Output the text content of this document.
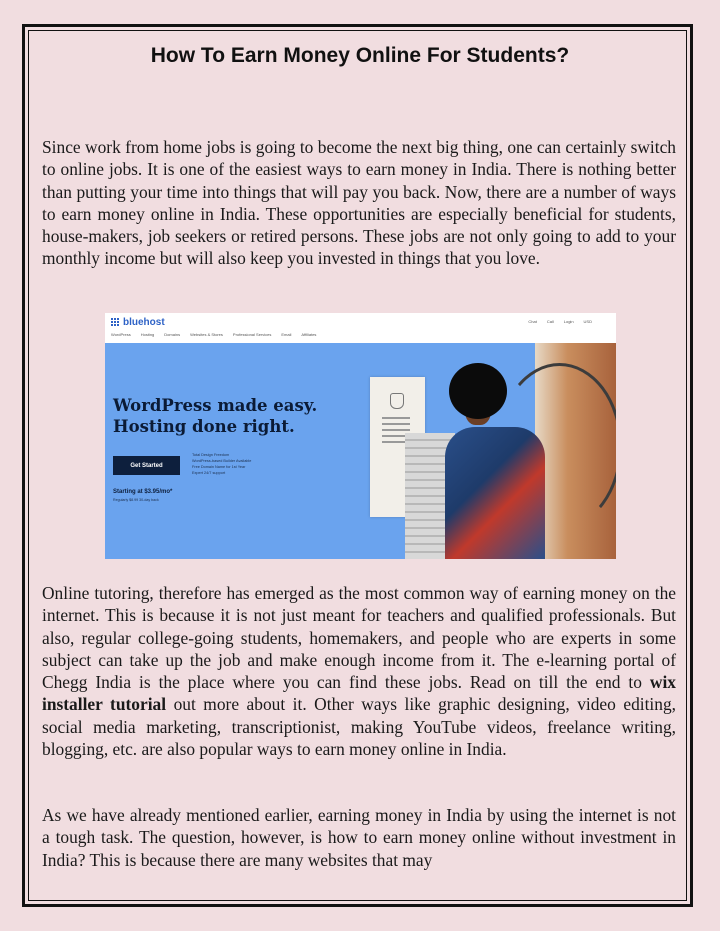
How To Earn Money Online For Students?

Since work from home jobs is going to become the next big thing, one can certainly switch to online jobs. It is one of the easiest ways to earn money in India. There is nothing better than putting your time into things that will pay you back. Now, there are a number of ways to earn money online in India. These opportunities are especially beneficial for students, house-makers, job seekers or retired persons. These jobs are not only going to add to your monthly income but will also keep you invested in things that you love.

bluehost
WordPress	Hosting	Domains	Websites & Stores	Professional Services	Email	Affiliates
Chat	Call	Login	USD
WordPress made easy.
Hosting done right.
Get Started
Total Design Freedom
WordPress-based Builder Available
Free Domain Name for 1st Year
Expert 24/7 support
Starting at $3.95/mo*
Regularly $8.99 30-day back

Online tutoring, therefore has emerged as the most common way of earning money on the internet. This is because it is not just meant for teachers and qualified professionals. But also, regular college-going students, homemakers, and people who are experts in some subject can take up the job and make enough income from it. The e-learning portal of Chegg India is the place where you can find these jobs. Read on till the end to wix installer tutorial out more about it. Other ways like graphic designing, video editing, social media marketing, transcriptionist, making YouTube videos, freelance writing, blogging, etc. are also popular ways to earn money online in India.

As we have already mentioned earlier, earning money in India by using the internet is not a tough task. The question, however, is how to earn money online without investment in India? This is because there are many websites that may
